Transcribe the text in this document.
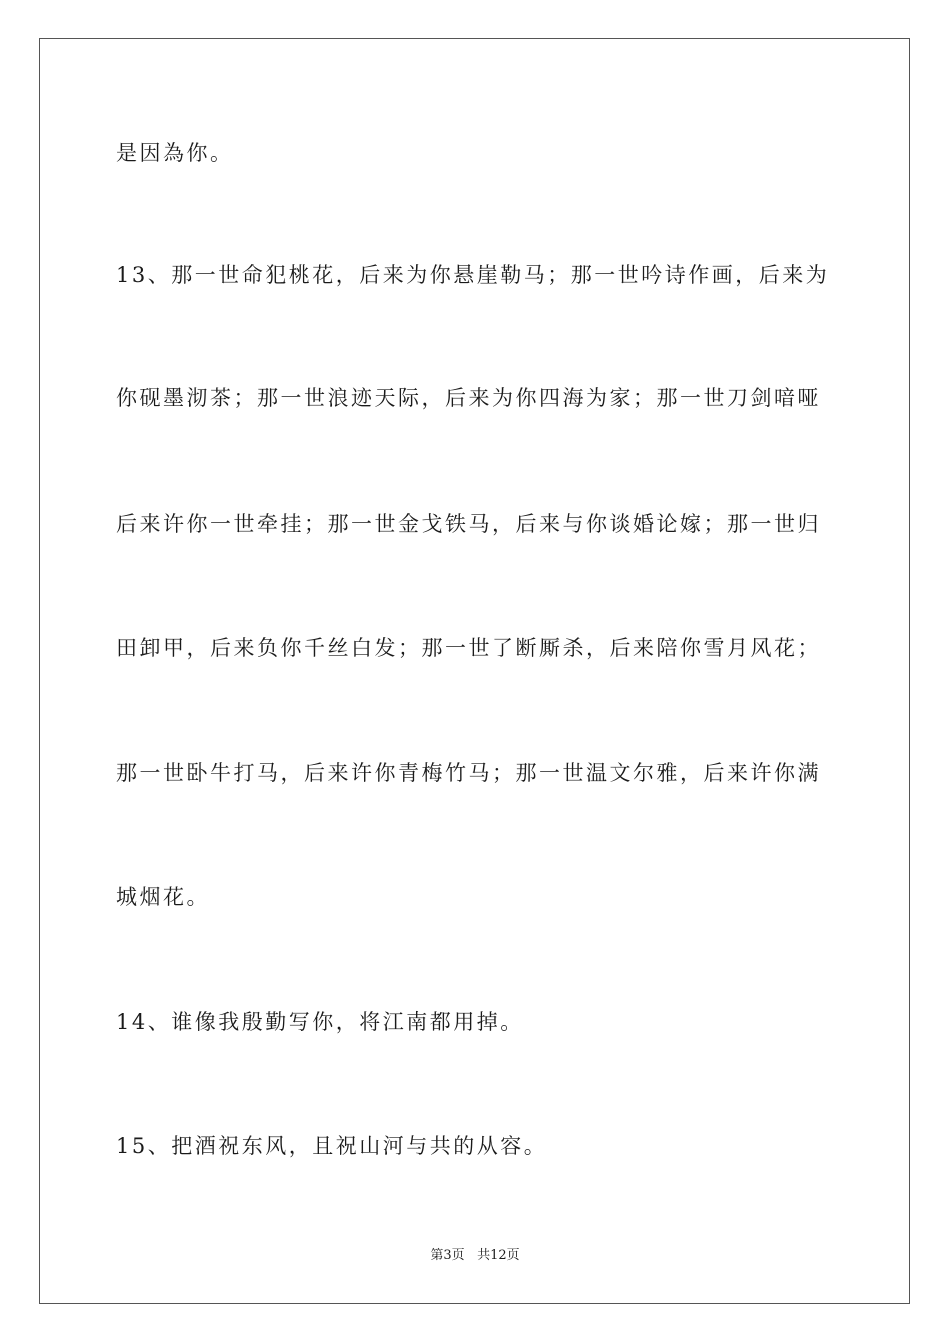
是因為你。
13、那一世命犯桃花，后来为你悬崖勒马；那一世吟诗作画，后来为
你砚墨沏茶；那一世浪迹天际，后来为你四海为家；那一世刀剑喑哑
后来许你一世牵挂；那一世金戈铁马，后来与你谈婚论嫁；那一世归
田卸甲，后来负你千丝白发；那一世了断厮杀，后来陪你雪月风花；
那一世卧牛打马，后来许你青梅竹马；那一世温文尔雅，后来许你满
城烟花。
14、谁像我殷勤写你，将江南都用掉。
15、把酒祝东风，且祝山河与共的从容。
第3页 共12页
